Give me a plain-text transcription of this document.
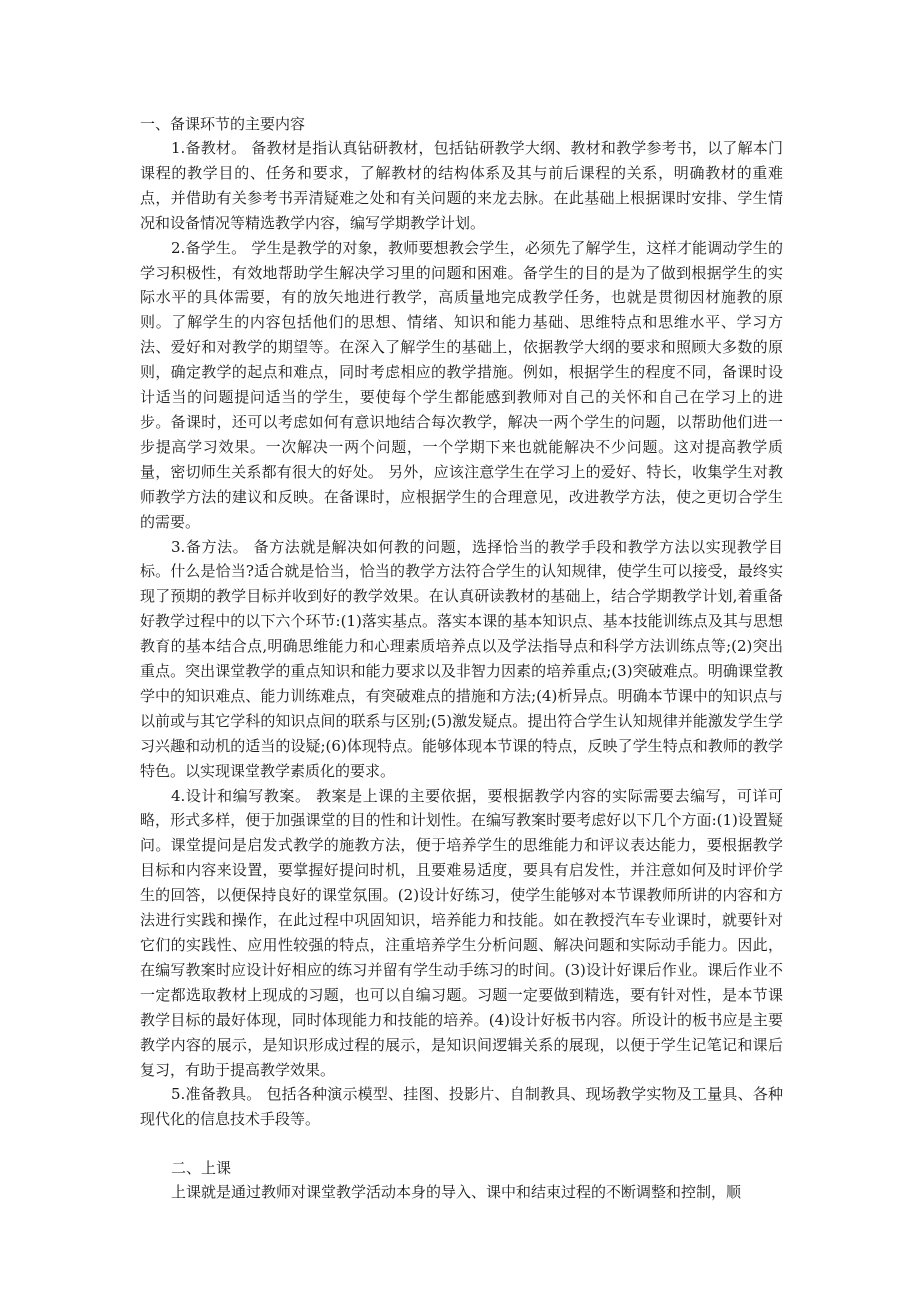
一、备课环节的主要内容

1.备教材。 备教材是指认真钻研教材，包括钻研教学大纲、教材和教学参考书，以了解本门课程的教学目的、任务和要求，了解教材的结构体系及其与前后课程的关系，明确教材的重难点，并借助有关参考书弄清疑难之处和有关问题的来龙去脉。在此基础上根据课时安排、学生情况和设备情况等精选教学内容，编写学期教学计划。

2.备学生。 学生是教学的对象，教师要想教会学生，必须先了解学生，这样才能调动学生的学习积极性，有效地帮助学生解决学习里的问题和困难。备学生的目的是为了做到根据学生的实际水平的具体需要，有的放矢地进行教学，高质量地完成教学任务，也就是贯彻因材施教的原则。了解学生的内容包括他们的思想、情绪、知识和能力基础、思维特点和思维水平、学习方法、爱好和对教学的期望等。在深入了解学生的基础上，依据教学大纲的要求和照顾大多数的原则，确定教学的起点和难点，同时考虑相应的教学措施。例如，根据学生的程度不同，备课时设计适当的问题提问适当的学生，要使每个学生都能感到教师对自己的关怀和自己在学习上的进步。备课时，还可以考虑如何有意识地结合每次教学，解决一两个学生的问题，以帮助他们进一步提高学习效果。一次解决一两个问题，一个学期下来也就能解决不少问题。这对提高教学质量，密切师生关系都有很大的好处。 另外，应该注意学生在学习上的爱好、特长，收集学生对教师教学方法的建议和反映。在备课时，应根据学生的合理意见，改进教学方法，使之更切合学生的需要。

3.备方法。 备方法就是解决如何教的问题，选择恰当的教学手段和教学方法以实现教学目标。什么是恰当?适合就是恰当，恰当的教学方法符合学生的认知规律，使学生可以接受，最终实现了预期的教学目标并收到好的教学效果。在认真研读教材的基础上，结合学期教学计划,着重备好教学过程中的以下六个环节:(1)落实基点。落实本课的基本知识点、基本技能训练点及其与思想教育的基本结合点,明确思维能力和心理素质培养点以及学法指导点和科学方法训练点等;(2)突出重点。突出课堂教学的重点知识和能力要求以及非智力因素的培养重点;(3)突破难点。明确课堂教学中的知识难点、能力训练难点，有突破难点的措施和方法;(4)析异点。明确本节课中的知识点与以前或与其它学科的知识点间的联系与区别;(5)激发疑点。提出符合学生认知规律并能激发学生学习兴趣和动机的适当的设疑;(6)体现特点。能够体现本节课的特点，反映了学生特点和教师的教学特色。以实现课堂教学素质化的要求。

4.设计和编写教案。 教案是上课的主要依据，要根据教学内容的实际需要去编写，可详可略，形式多样，便于加强课堂的目的性和计划性。在编写教案时要考虑好以下几个方面:(1)设置疑问。课堂提问是启发式教学的施教方法，便于培养学生的思维能力和评议表达能力，要根据教学目标和内容来设置，要掌握好提问时机，且要难易适度，要具有启发性，并注意如何及时评价学生的回答，以便保持良好的课堂氛围。(2)设计好练习，使学生能够对本节课教师所讲的内容和方法进行实践和操作，在此过程中巩固知识，培养能力和技能。如在教授汽车专业课时，就要针对它们的实践性、应用性较强的特点，注重培养学生分析问题、解决问题和实际动手能力。因此，在编写教案时应设计好相应的练习并留有学生动手练习的时间。(3)设计好课后作业。课后作业不一定都选取教材上现成的习题，也可以自编习题。习题一定要做到精选，要有针对性，是本节课教学目标的最好体现，同时体现能力和技能的培养。(4)设计好板书内容。所设计的板书应是主要教学内容的展示，是知识形成过程的展示，是知识间逻辑关系的展现，以便于学生记笔记和课后复习，有助于提高教学效果。

5.准备教具。 包括各种演示模型、挂图、投影片、自制教具、现场教学实物及工量具、各种现代化的信息技术手段等。

二、上课

上课就是通过教师对课堂教学活动本身的导入、课中和结束过程的不断调整和控制，顺
